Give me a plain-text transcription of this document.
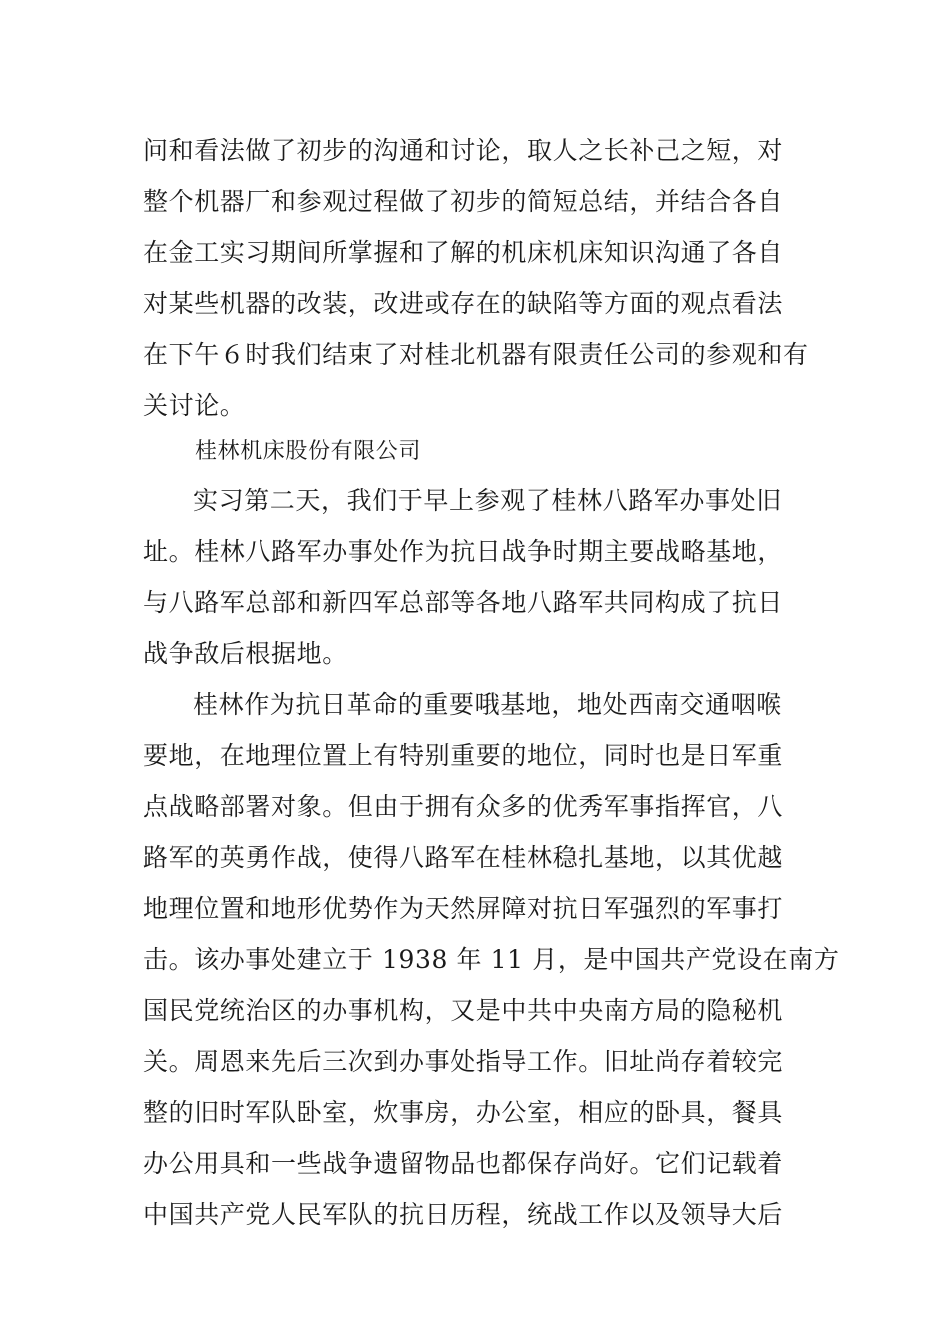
问和看法做了初步的沟通和讨论，取人之长补己之短，对
整个机器厂和参观过程做了初步的简短总结，并结合各自
在金工实习期间所掌握和了解的机床机床知识沟通了各自
对某些机器的改装，改进或存在的缺陷等方面的观点看法
在下午６时我们结束了对桂北机器有限责任公司的参观和有
关讨论。
桂林机床股份有限公司
实习第二天，我们于早上参观了桂林八路军办事处旧
址。桂林八路军办事处作为抗日战争时期主要战略基地，
与八路军总部和新四军总部等各地八路军共同构成了抗日
战争敌后根据地。
桂林作为抗日革命的重要哦基地，地处西南交通咽喉
要地，在地理位置上有特别重要的地位，同时也是日军重
点战略部署对象。但由于拥有众多的优秀军事指挥官，八
路军的英勇作战，使得八路军在桂林稳扎基地，以其优越
地理位置和地形优势作为天然屏障对抗日军强烈的军事打
击。该办事处建立于 1938 年 11 月，是中国共产党设在南方
国民党统治区的办事机构，又是中共中央南方局的隐秘机
关。周恩来先后三次到办事处指导工作。旧址尚存着较完
整的旧时军队卧室，炊事房，办公室，相应的卧具，餐具
办公用具和一些战争遗留物品也都保存尚好。它们记载着
中国共产党人民军队的抗日历程，统战工作以及领导大后
